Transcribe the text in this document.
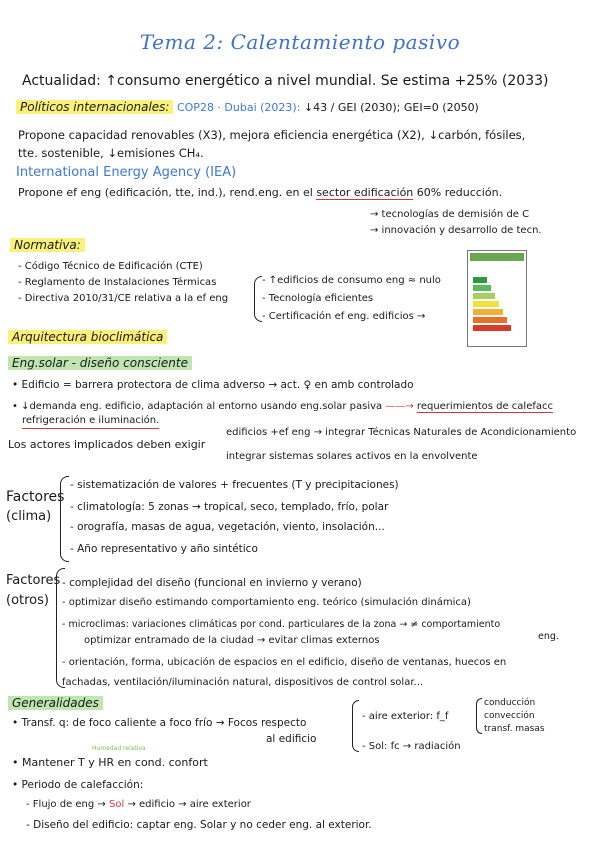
Tema 2: Calentamiento pasivo
Actualidad: ↑consumo energético a nivel mundial. Se estima +25% (2033)
Políticos internacionales: COP28 · Dubai (2023): ↓43 / GEI (2030); GEI=0 (2050)
Propone capacidad renovables (X3), mejora eficiencia energética (X2), ↓carbón, fósiles,
tte. sostenible, ↓emisiones CH₄.
International Energy Agency (IEA)
Propone ef eng (edificación, tte, ind.), rend.eng. en el sector edificación 60% reducción.
→ tecnologías de demisión de C
→ innovación y desarrollo de tecn.
Normativa:
- Código Técnico de Edificación (CTE)
- Reglamento de Instalaciones Térmicas
- Directiva 2010/31/CE relativa a la ef eng
- ↑edificios de consumo eng ≈ nulo
- Tecnología eficientes
- Certificación ef eng. edificios →
Arquitectura bioclimática
Eng.solar - diseño consciente
• Edificio = barrera protectora de clima adverso → act. ♀ en amb controlado
• ↓demanda eng. edificio, adaptación al entorno usando eng.solar pasiva ——→ requerimientos de calefacc
refrigeración e iluminación.
Los actores implicados deben exigir
edificios +ef eng → integrar Técnicas Naturales de Acondicionamiento
integrar sistemas solares activos en la envolvente
Factores
(clima)
- sistematización de valores + frecuentes (T y precipitaciones)
- climatología: 5 zonas → tropical, seco, templado, frío, polar
- orografía, masas de agua, vegetación, viento, insolación...
- Año representativo y año sintético
Factores
(otros)
- complejidad del diseño (funcional en invierno y verano)
- optimizar diseño estimando comportamiento eng. teórico (simulación dinámica)
- microclimas: variaciones climáticas por cond. particulares de la zona → ≠ comportamiento
eng.
optimizar entramado de la ciudad → evitar climas externos
- orientación, forma, ubicación de espacios en el edificio, diseño de ventanas, huecos en
fachadas, ventilación/iluminación natural, dispositivos de control solar...
Generalidades
• Transf. q: de foco caliente a foco frío → Focos respecto
al edificio
- aire exterior: f_f
conducción
convección
transf. masas
- Sol: fc → radiación
Humedad relativa
• Mantener T y HR en cond. confort
• Periodo de calefacción:
- Flujo de eng → Sol → edificio → aire exterior
- Diseño del edificio: captar eng. Solar y no ceder eng. al exterior.
